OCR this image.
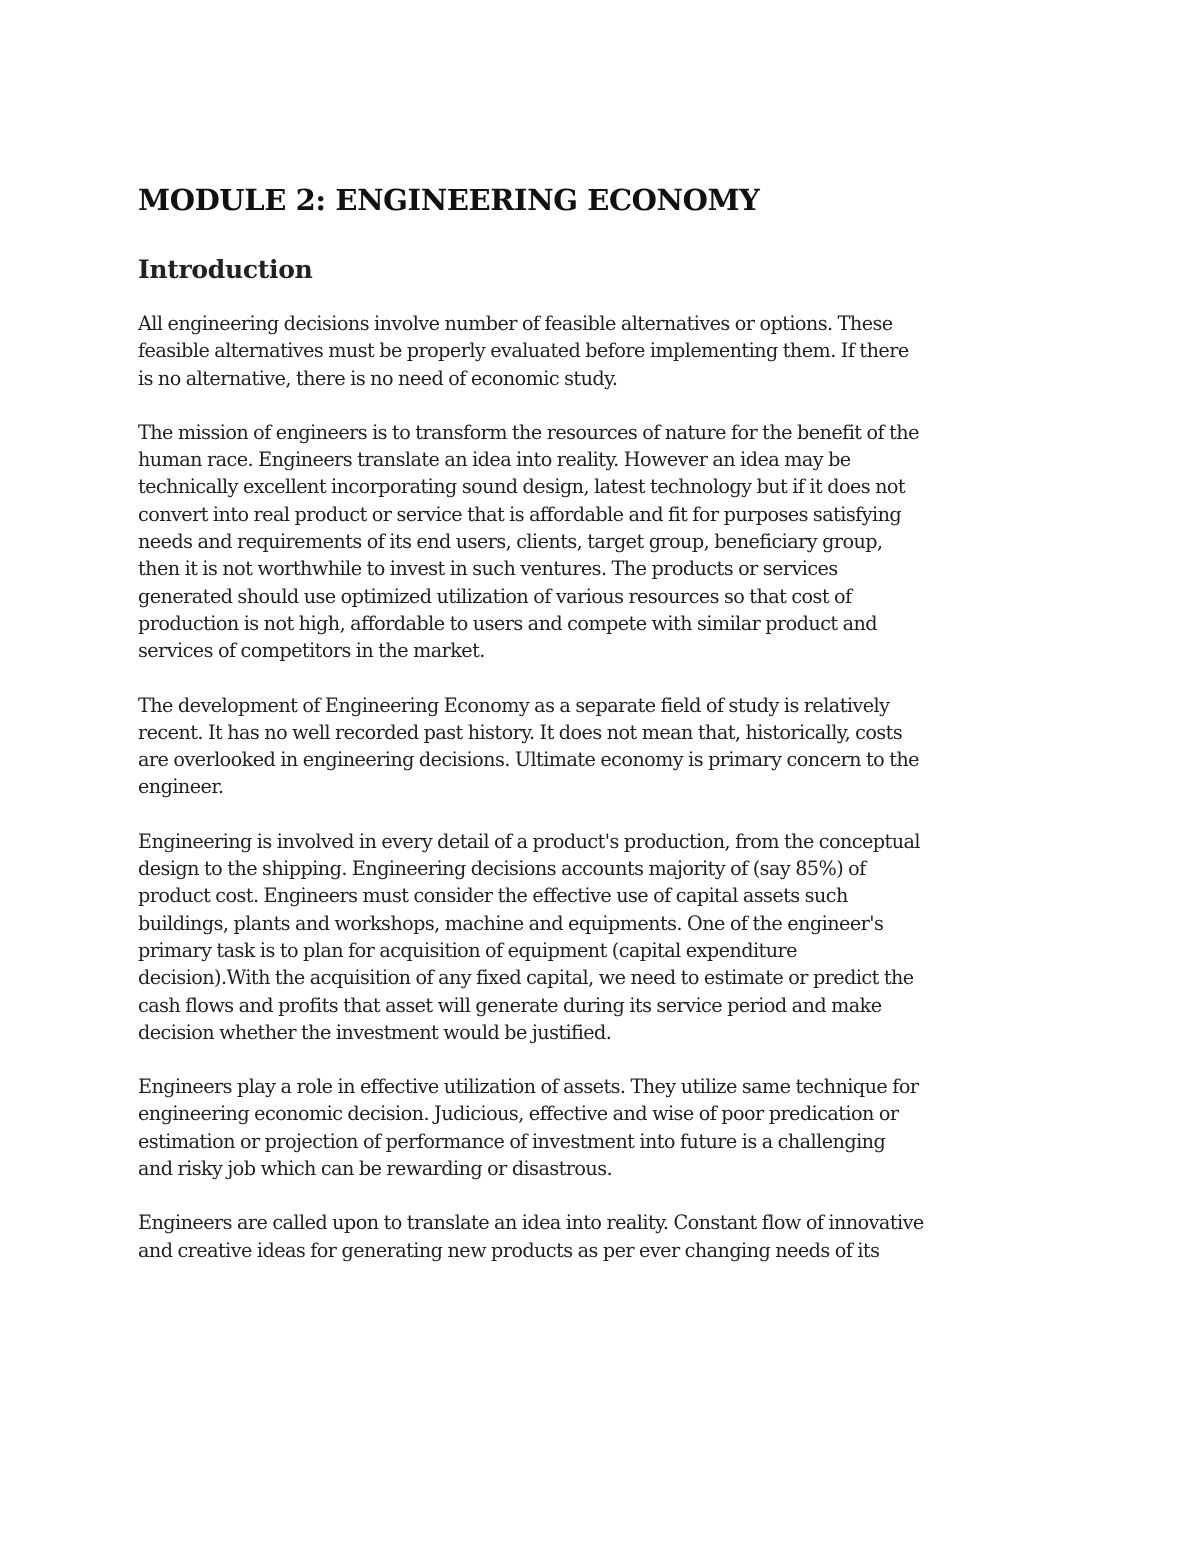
MODULE 2: ENGINEERING ECONOMY
Introduction

All engineering decisions involve number of feasible alternatives or options. These
feasible alternatives must be properly evaluated before implementing them. If there
is no alternative, there is no need of economic study.

The mission of engineers is to transform the resources of nature for the benefit of the
human race. Engineers translate an idea into reality. However an idea may be
technically excellent incorporating sound design, latest technology but if it does not
convert into real product or service that is affordable and fit for purposes satisfying
needs and requirements of its end users, clients, target group, beneficiary group,
then it is not worthwhile to invest in such ventures. The products or services
generated should use optimized utilization of various resources so that cost of
production is not high, affordable to users and compete with similar product and
services of competitors in the market.

The development of Engineering Economy as a separate field of study is relatively
recent. It has no well recorded past history. It does not mean that, historically, costs
are overlooked in engineering decisions. Ultimate economy is primary concern to the
engineer.

Engineering is involved in every detail of a product's production, from the conceptual
design to the shipping. Engineering decisions accounts majority of (say 85%) of
product cost. Engineers must consider the effective use of capital assets such
buildings, plants and workshops, machine and equipments. One of the engineer's
primary task is to plan for acquisition of equipment (capital expenditure
decision).With the acquisition of any fixed capital, we need to estimate or predict the
cash flows and profits that asset will generate during its service period and make
decision whether the investment would be justified.

Engineers play a role in effective utilization of assets. They utilize same technique for
engineering economic decision. Judicious, effective and wise of poor predication or
estimation or projection of performance of investment into future is a challenging
and risky job which can be rewarding or disastrous.

Engineers are called upon to translate an idea into reality. Constant flow of innovative
and creative ideas for generating new products as per ever changing needs of its
